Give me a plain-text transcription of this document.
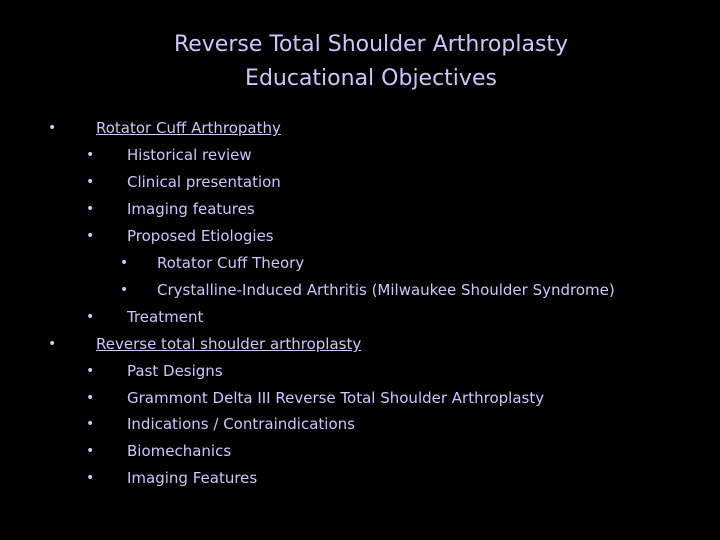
Reverse Total Shoulder Arthroplasty
Educational Objectives
•	Rotator Cuff Arthropathy
• Historical review
• Clinical presentation
• Imaging features
• Proposed Etiologies
• Rotator Cuff Theory
• Crystalline-Induced Arthritis (Milwaukee Shoulder Syndrome)
• Treatment
•	Reverse total shoulder arthroplasty
• Past Designs
• Grammont Delta III Reverse Total Shoulder Arthroplasty
• Indications / Contraindications
• Biomechanics
• Imaging Features
